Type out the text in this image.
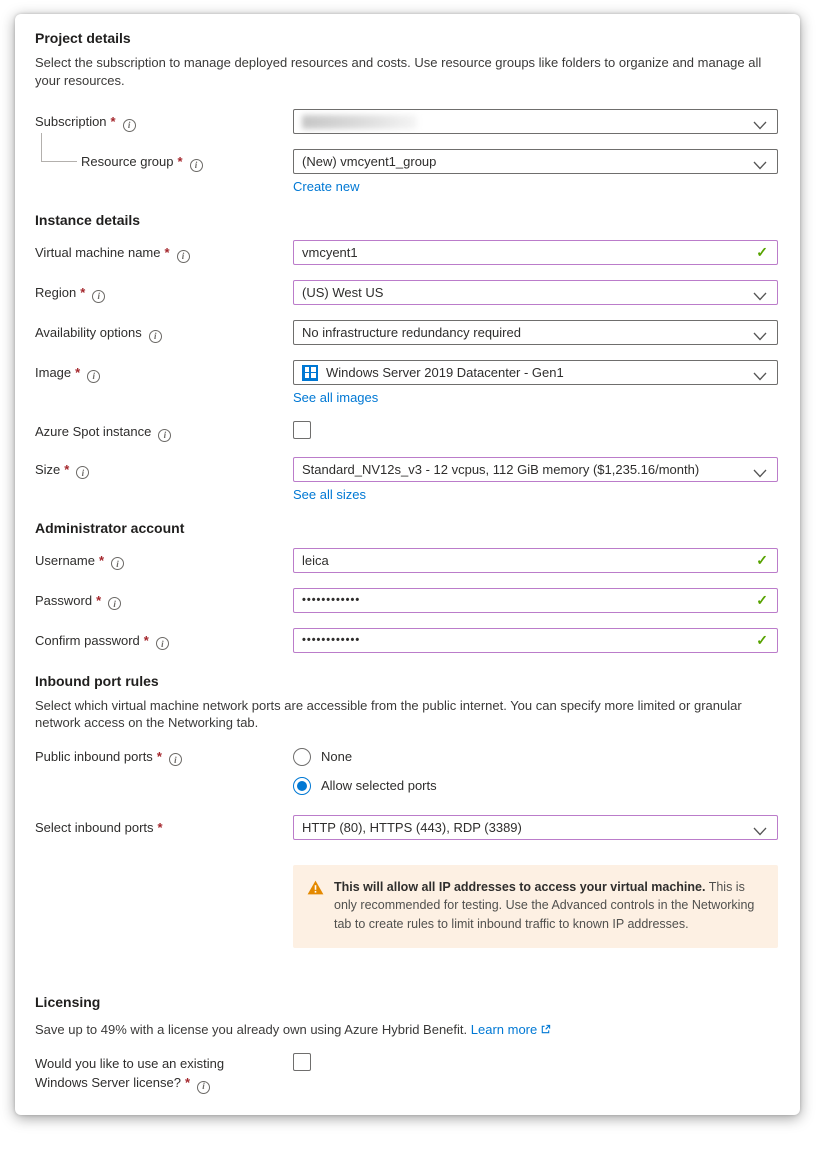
Project details
Select the subscription to manage deployed resources and costs. Use resource groups like folders to organize and manage all your resources.
Subscription * i
Resource group * i	(New) vmcyent1_group
Create new
Instance details
Virtual machine name * i	vmcyent1	✓
Region * i	(US) West US
Availability options i	No infrastructure redundancy required
Image * i	Windows Server 2019 Datacenter - Gen1
See all images
Azure Spot instance i
Size * i	Standard_NV12s_v3 - 12 vcpus, 112 GiB memory ($1,235.16/month)
See all sizes
Administrator account
Username * i	leica	✓
Password * i	••••••••••••	✓
Confirm password * i	••••••••••••	✓
Inbound port rules
Select which virtual machine network ports are accessible from the public internet. You can specify more limited or granular network access on the Networking tab.
Public inbound ports * i	None
Allow selected ports
Select inbound ports *	HTTP (80), HTTPS (443), RDP (3389)
This will allow all IP addresses to access your virtual machine. This is only recommended for testing. Use the Advanced controls in the Networking tab to create rules to limit inbound traffic to known IP addresses.
Licensing
Save up to 49% with a license you already own using Azure Hybrid Benefit. Learn more
Would you like to use an existing
Windows Server license? * i
